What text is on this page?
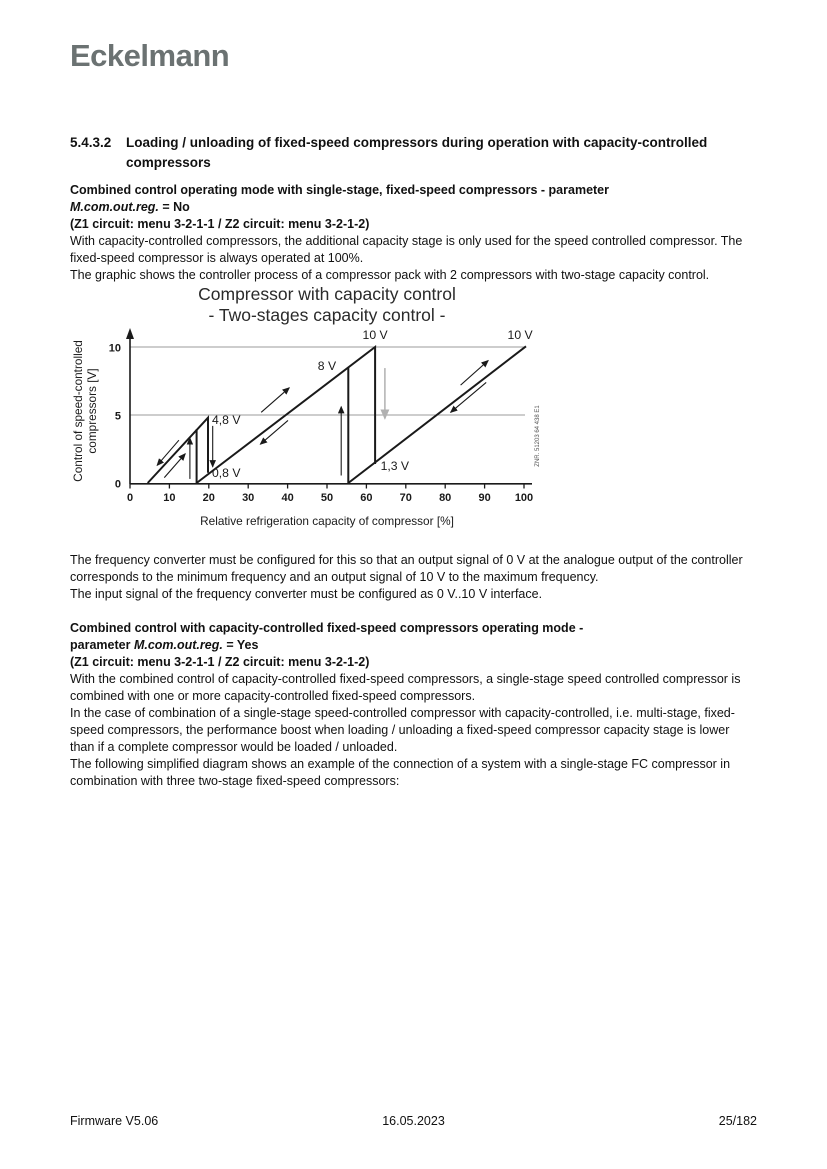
Eckelmann
5.4.3.2	Loading / unloading of fixed-speed compressors during operation with capacity-controlled compressors
Combined control operating mode with single-stage, fixed-speed compressors - parameter
M.com.out.reg. = No
(Z1 circuit: menu 3-2-1-1 / Z2 circuit: menu 3-2-1-2)

With capacity-controlled compressors, the additional capacity stage is only used for the speed controlled compressor. The fixed-speed compressor is always operated at 100%.

The graphic shows the controller process of a compressor pack with 2 compressors with two-stage capacity control.

Compressor with capacity control
- Two-stages capacity control -
0	10 20 30 40 50 60 70 80 90 100
0
5
10
4,8 V
0,8 V
8 V
10 V	10 V
1,3 V
Relative refrigeration capacity of compressor [%]
Control of speed-controlled compressors [V]	ZNR. 51203 64 438 E1

The frequency converter must be configured for this so that an output signal of 0 V at the analogue output of the controller corresponds to the minimum frequency and an output signal of 10 V to the maximum frequency.

The input signal of the frequency converter must be configured as 0 V..10 V interface.

Combined control with capacity-controlled fixed-speed compressors operating mode -
parameter M.com.out.reg. = Yes
(Z1 circuit: menu 3-2-1-1 / Z2 circuit: menu 3-2-1-2)

With the combined control of capacity-controlled fixed-speed compressors, a single-stage speed controlled compressor is combined with one or more capacity-controlled fixed-speed compressors.

In the case of combination of a single-stage speed-controlled compressor with capacity-controlled, i.e. multi-stage, fixed-speed compressors, the performance boost when loading / unloading a fixed-speed compressor capacity stage is lower than if a complete compressor would be loaded / unloaded.

The following simplified diagram shows an example of the connection of a system with a single-stage FC compressor in combination with three two-stage fixed-speed compressors:

Firmware V5.06	16.05.2023	25/182
